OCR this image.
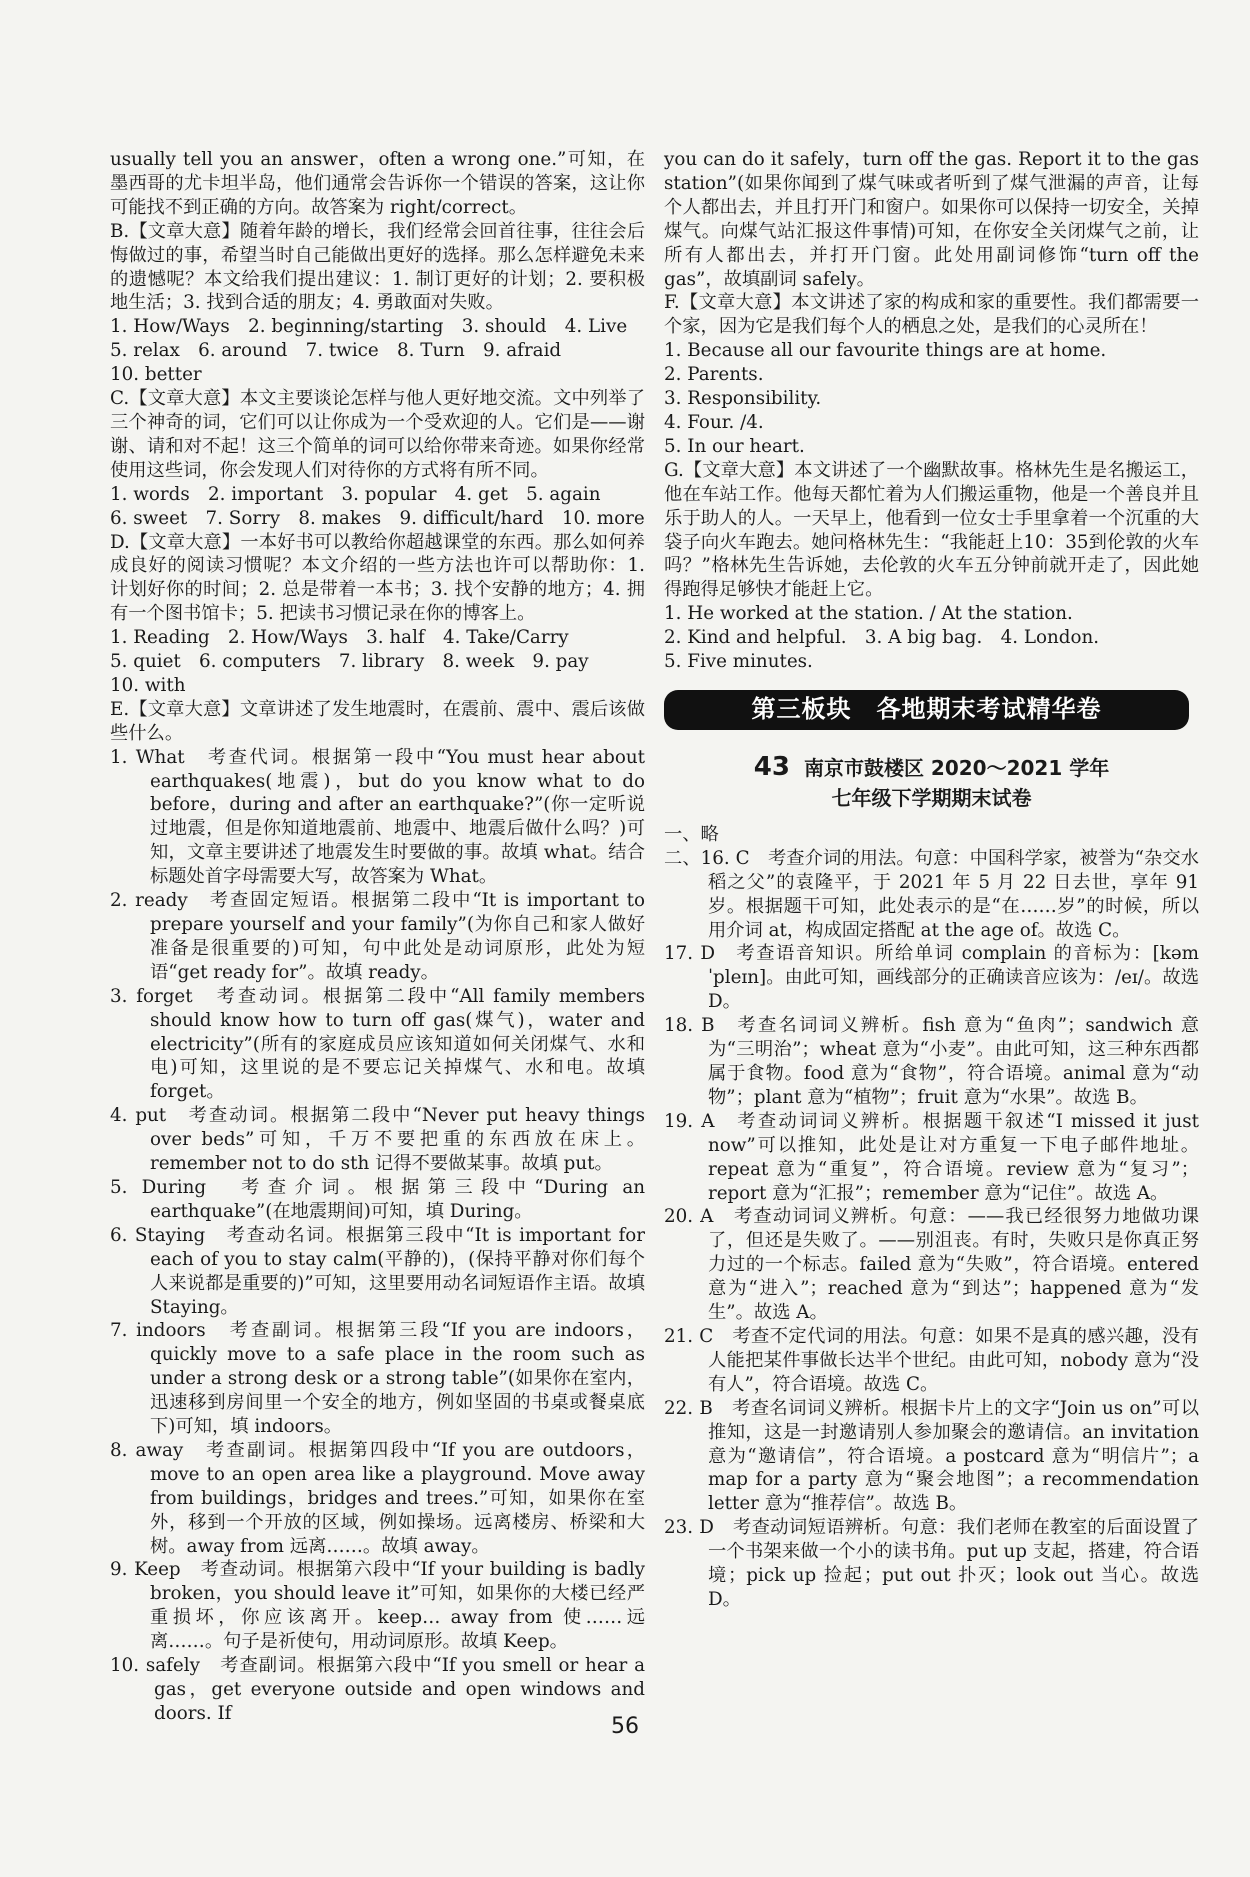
usually tell you an answer，often a wrong one.”可知，在墨西哥的尤卡坦半岛，他们通常会告诉你一个错误的答案，这让你可能找不到正确的方向。故答案为 right/correct。

B.【文章大意】随着年龄的增长，我们经常会回首往事，往往会后悔做过的事，希望当时自己能做出更好的选择。那么怎样避免未来的遗憾呢？本文给我们提出建议：1. 制订更好的计划；2. 要积极地生活；3. 找到合适的朋友；4. 勇敢面对失败。

1. How/Ways　2. beginning/starting　3. should　4. Live

5. relax　6. around　7. twice　8. Turn　9. afraid

10. better

C.【文章大意】本文主要谈论怎样与他人更好地交流。文中列举了三个神奇的词，它们可以让你成为一个受欢迎的人。它们是——谢谢、请和对不起！这三个简单的词可以给你带来奇迹。如果你经常使用这些词，你会发现人们对待你的方式将有所不同。

1. words　2. important　3. popular　4. get　5. again

6. sweet　7. Sorry　8. makes　9. difficult/hard　10. more

D.【文章大意】一本好书可以教给你超越课堂的东西。那么如何养成良好的阅读习惯呢？本文介绍的一些方法也许可以帮助你：1. 计划好你的时间；2. 总是带着一本书；3. 找个安静的地方；4. 拥有一个图书馆卡；5. 把读书习惯记录在你的博客上。

1. Reading　2. How/Ways　3. half　4. Take/Carry

5. quiet　6. computers　7. library　8. week　9. pay

10. with

E.【文章大意】文章讲述了发生地震时，在震前、震中、震后该做些什么。

1. What　考查代词。根据第一段中“You must hear about earthquakes(地震)，but do you know what to do before，during and after an earthquake?”(你一定听说过地震，但是你知道地震前、地震中、地震后做什么吗？)可知，文章主要讲述了地震发生时要做的事。故填 what。结合标题处首字母需要大写，故答案为 What。

2. ready　考查固定短语。根据第二段中“It is important to prepare yourself and your family”(为你自己和家人做好准备是很重要的)可知，句中此处是动词原形，此处为短语“get ready for”。故填 ready。

3. forget　考查动词。根据第二段中“All family members should know how to turn off gas(煤气)，water and electricity”(所有的家庭成员应该知道如何关闭煤气、水和电)可知，这里说的是不要忘记关掉煤气、水和电。故填 forget。

4. put　考查动词。根据第二段中“Never put heavy things over beds”可知，千万不要把重的东西放在床上。remember not to do sth 记得不要做某事。故填 put。

5. During　考查介词。根据第三段中“During an earthquake”(在地震期间)可知，填 During。

6. Staying　考查动名词。根据第三段中“It is important for each of you to stay calm(平静的)，(保持平静对你们每个人来说都是重要的)”可知，这里要用动名词短语作主语。故填 Staying。

7. indoors　考查副词。根据第三段“If you are indoors，quickly move to a safe place in the room such as under a strong desk or a strong table”(如果你在室内，迅速移到房间里一个安全的地方，例如坚固的书桌或餐桌底下)可知，填 indoors。

8. away　考查副词。根据第四段中“If you are outdoors，move to an open area like a playground. Move away from buildings，bridges and trees.”可知，如果你在室外，移到一个开放的区域，例如操场。远离楼房、桥梁和大树。away from 远离……。故填 away。

9. Keep　考查动词。根据第六段中“If your building is badly broken，you should leave it”可知，如果你的大楼已经严重损坏，你应该离开。keep… away from 使……远离……。句子是祈使句，用动词原形。故填 Keep。

10. safely　考查副词。根据第六段中“If you smell or hear a gas，get everyone outside and open windows and doors. If

you can do it safely，turn off the gas. Report it to the gas station”(如果你闻到了煤气味或者听到了煤气泄漏的声音，让每个人都出去，并且打开门和窗户。如果你可以保持一切安全，关掉煤气。向煤气站汇报这件事情)可知，在你安全关闭煤气之前，让所有人都出去，并打开门窗。此处用副词修饰“turn off the gas”，故填副词 safely。

F.【文章大意】本文讲述了家的构成和家的重要性。我们都需要一个家，因为它是我们每个人的栖息之处，是我们的心灵所在！

1. Because all our favourite things are at home.

2. Parents.

3. Responsibility.

4. Four. /4.

5. In our heart.

G.【文章大意】本文讲述了一个幽默故事。格林先生是名搬运工，他在车站工作。他每天都忙着为人们搬运重物，他是一个善良并且乐于助人的人。一天早上，他看到一位女士手里拿着一个沉重的大袋子向火车跑去。她问格林先生：“我能赶上10：35到伦敦的火车吗？”格林先生告诉她，去伦敦的火车五分钟前就开走了，因此她得跑得足够快才能赶上它。

1. He worked at the station. / At the station.

2. Kind and helpful.　3. A big bag.　4. London.

5. Five minutes.

第三板块　各地期末考试精华卷
43 南京市鼓楼区 2020～2021 学年
七年级下学期期末试卷

一、略

二、16. C　考查介词的用法。句意：中国科学家，被誉为“杂交水稻之父”的袁隆平，于 2021 年 5 月 22 日去世，享年 91 岁。根据题干可知，此处表示的是“在……岁”的时候，所以用介词 at，构成固定搭配 at the age of。故选 C。

17. D　考查语音知识。所给单词 complain 的音标为：[kəmˈpleɪn]。由此可知，画线部分的正确读音应该为：/eɪ/。故选 D。

18. B　考查名词词义辨析。fish 意为“鱼肉”；sandwich 意为“三明治”；wheat 意为“小麦”。由此可知，这三种东西都属于食物。food 意为“食物”，符合语境。animal 意为“动物”；plant 意为“植物”；fruit 意为“水果”。故选 B。

19. A　考查动词词义辨析。根据题干叙述“I missed it just now”可以推知，此处是让对方重复一下电子邮件地址。repeat 意为“重复”，符合语境。review 意为“复习”；report 意为“汇报”；remember 意为“记住”。故选 A。

20. A　考查动词词义辨析。句意：——我已经很努力地做功课了，但还是失败了。——别沮丧。有时，失败只是你真正努力过的一个标志。failed 意为“失败”，符合语境。entered 意为“进入”；reached 意为“到达”；happened 意为“发生”。故选 A。

21. C　考查不定代词的用法。句意：如果不是真的感兴趣，没有人能把某件事做长达半个世纪。由此可知，nobody 意为“没有人”，符合语境。故选 C。

22. B　考查名词词义辨析。根据卡片上的文字“Join us on”可以推知，这是一封邀请别人参加聚会的邀请信。an invitation 意为“邀请信”，符合语境。a postcard 意为“明信片”；a map for a party 意为“聚会地图”；a recommendation letter 意为“推荐信”。故选 B。

23. D　考查动词短语辨析。句意：我们老师在教室的后面设置了一个书架来做一个小的读书角。put up 支起，搭建，符合语境；pick up 捡起；put out 扑灭；look out 当心。故选 D。

56
